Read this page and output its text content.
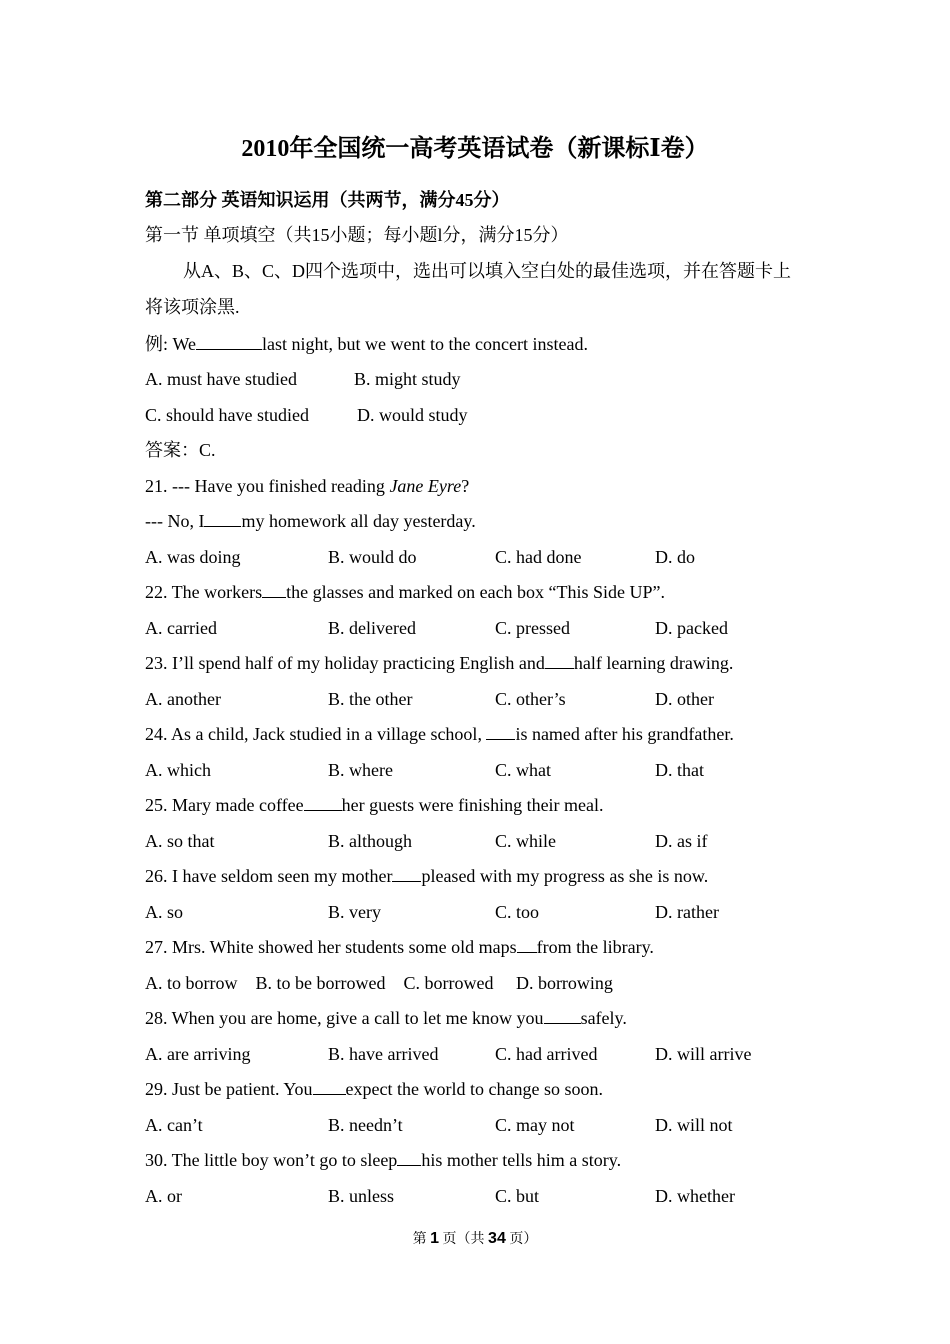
2010年全国统一高考英语试卷（新课标Ⅰ卷）
第二部分 英语知识运用（共两节，满分45分）
第一节 单项填空（共15小题；每小题l分，满分15分）
从A、B、C、D四个选项中，选出可以填入空白处的最佳选项，并在答题卡上
将该项涂黑.
例: We	last night, but we went to the concert instead.
A. must have studied	B. might study
C. should have studied	D. would study
答案：C.
21. --- Have you finished reading Jane Eyre?
--- No, I my homework all day yesterday.
A. was doing	B. would do	C. had done	D. do
22. The workers the glasses and marked on each box “This Side UP”.
A. carried	B. delivered	C. pressed	D. packed
23. I’ll spend half of my holiday practicing English and half learning drawing.
A. another	B. the other	C. other’s	D. other
24. As a child, Jack studied in a village school, is named after his grandfather.
A. which	B. where	C. what	D. that
25. Mary made coffee her guests were finishing their meal.
A. so that	B. although	C. while	D. as if
26. I have seldom seen my mother pleased with my progress as she is now.
A. so	B. very	C. too	D. rather
27. Mrs. White showed her students some old maps from the library.
A. to borrow    B. to be borrowed    C. borrowed     D. borrowing
28. When you are home, give a call to let me know you safely.
A. are arriving	B. have arrived	C. had arrived	D. will arrive
29. Just be patient. You expect the world to change so soon.
A. can’t	B. needn’t	C. may not	D. will not
30. The little boy won’t go to sleep his mother tells him a story.
A. or	B. unless	C. but	D. whether
第 1 页（共 34 页）
